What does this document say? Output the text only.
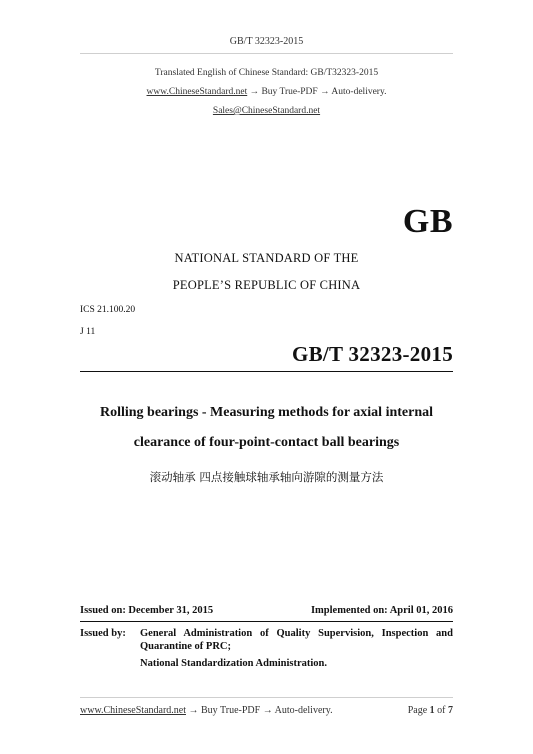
GB/T 32323-2015
Translated English of Chinese Standard: GB/T32323-2015
www.ChineseStandard.net → Buy True-PDF → Auto-delivery.
Sales@ChineseStandard.net
GB
NATIONAL STANDARD OF THE
PEOPLE’S REPUBLIC OF CHINA
ICS 21.100.20
J 11
GB/T 32323-2015
Rolling bearings - Measuring methods for axial internal
clearance of four-point-contact ball bearings
滚动轴承 四点接触球轴承轴向游隙的测量方法
Issued on: December 31, 2015	Implemented on: April 01, 2016
Issued by:	General Administration of Quality Supervision, Inspection and
Quarantine of PRC;
National Standardization Administration.
www.ChineseStandard.net → Buy True-PDF → Auto-delivery.	Page 1 of 7
